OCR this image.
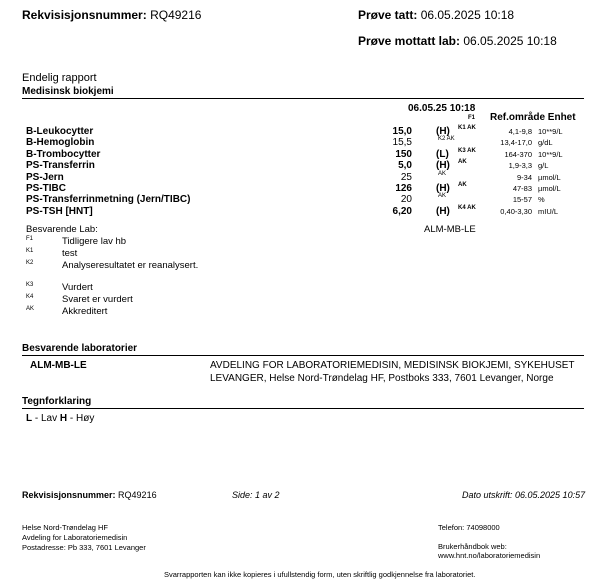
Rekvisisjonsnummer: RQ49216	Prøve tatt: 06.05.2025 10:18
Prøve mottatt lab: 06.05.2025 10:18
Endelig rapport
Medisinsk biokjemi
06.05.25 10:18
F1 Ref.område Enhet
B-Leukocytter	15,0 (H) K1 AK	4,1-9,8 10**9/L
B-Hemoglobin	15,5	K2 AK	13,4-17,0 g/dL
B-Trombocytter	150 (L) K3 AK	164-370 10**9/L
PS-Transferrin	5,0 (H) AK	1,9-3,3 g/L
PS-Jern	25	AK	9-34 µmol/L
PS-TIBC	126 (H) AK	47-83 µmol/L
PS-Transferrinmetning (Jern/TIBC)	20	AK	15-57 %
PS-TSH [HNT]	6,20 (H) K4 AK	0,40-3,30 mIU/L
Besvarende Lab:	ALM-MB-LE
F1	Tidligere lav hb
K1	test
K2	Analyseresultatet er reanalysert.
K3	Vurdert
K4	Svaret er vurdert
AK	Akkreditert
Besvarende laboratorier
ALM-MB-LE	AVDELING FOR LABORATORIEMEDISIN, MEDISINSK BIOKJEMI, SYKEHUSET
LEVANGER, Helse Nord-Trøndelag HF, Postboks 333, 7601 Levanger, Norge
Tegnforklaring
L - Lav H - Høy
Rekvisisjonsnummer: RQ49216	Side: 1 av 2	Dato utskrift: 06.05.2025 10:57
Helse Nord-Trøndelag HF
Avdeling for Laboratoriemedisin
Postadresse: Pb 333, 7601 Levanger
Telefon: 74098000
Brukerhåndbok web:
www.hnt.no/laboratoriemedisin
Svarrapporten kan ikke kopieres i ufullstendig form, uten skriftlig godkjennelse fra laboratoriet.
